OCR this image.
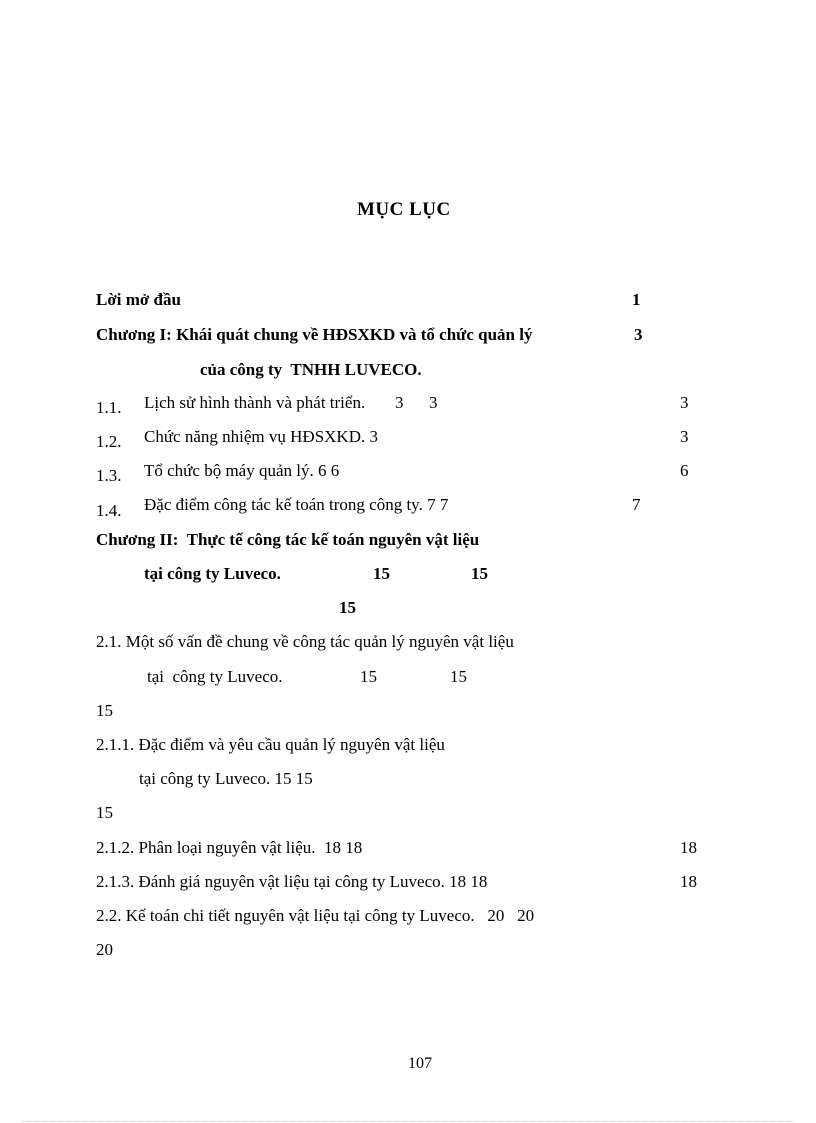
MỤC LỤC
Lời mở đầu	1
Chương I: Khái quát chung về HĐSXKD và tổ chức quản lý	3
của công ty  TNHH LUVECO.
1.1. Lịch sử hình thành và phát triển.       3      3	3
1.2. Chức năng nhiệm vụ HĐSXKD. 3	3
1.3. Tổ chức bộ máy quản lý. 6 6	6
1.4. Đặc điểm công tác kế toán trong công ty. 7 7	7
Chương II:  Thực tế công tác kế toán nguyên vật liệu
tại công ty Luveco.	15	15
15
2.1. Một số vấn đề chung về công tác quản lý nguyên vật liệu
tại  công ty Luveco.	15	15
15
2.1.1. Đặc điểm và yêu cầu quản lý nguyên vật liệu
tại công ty Luveco. 15 15
15
2.1.2. Phân loại nguyên vật liệu.  18 18	18
2.1.3. Đánh giá nguyên vật liệu tại công ty Luveco. 18 18	18
2.2. Kế toán chi tiết nguyên vật liệu tại công ty Luveco.   20   20
20
107
